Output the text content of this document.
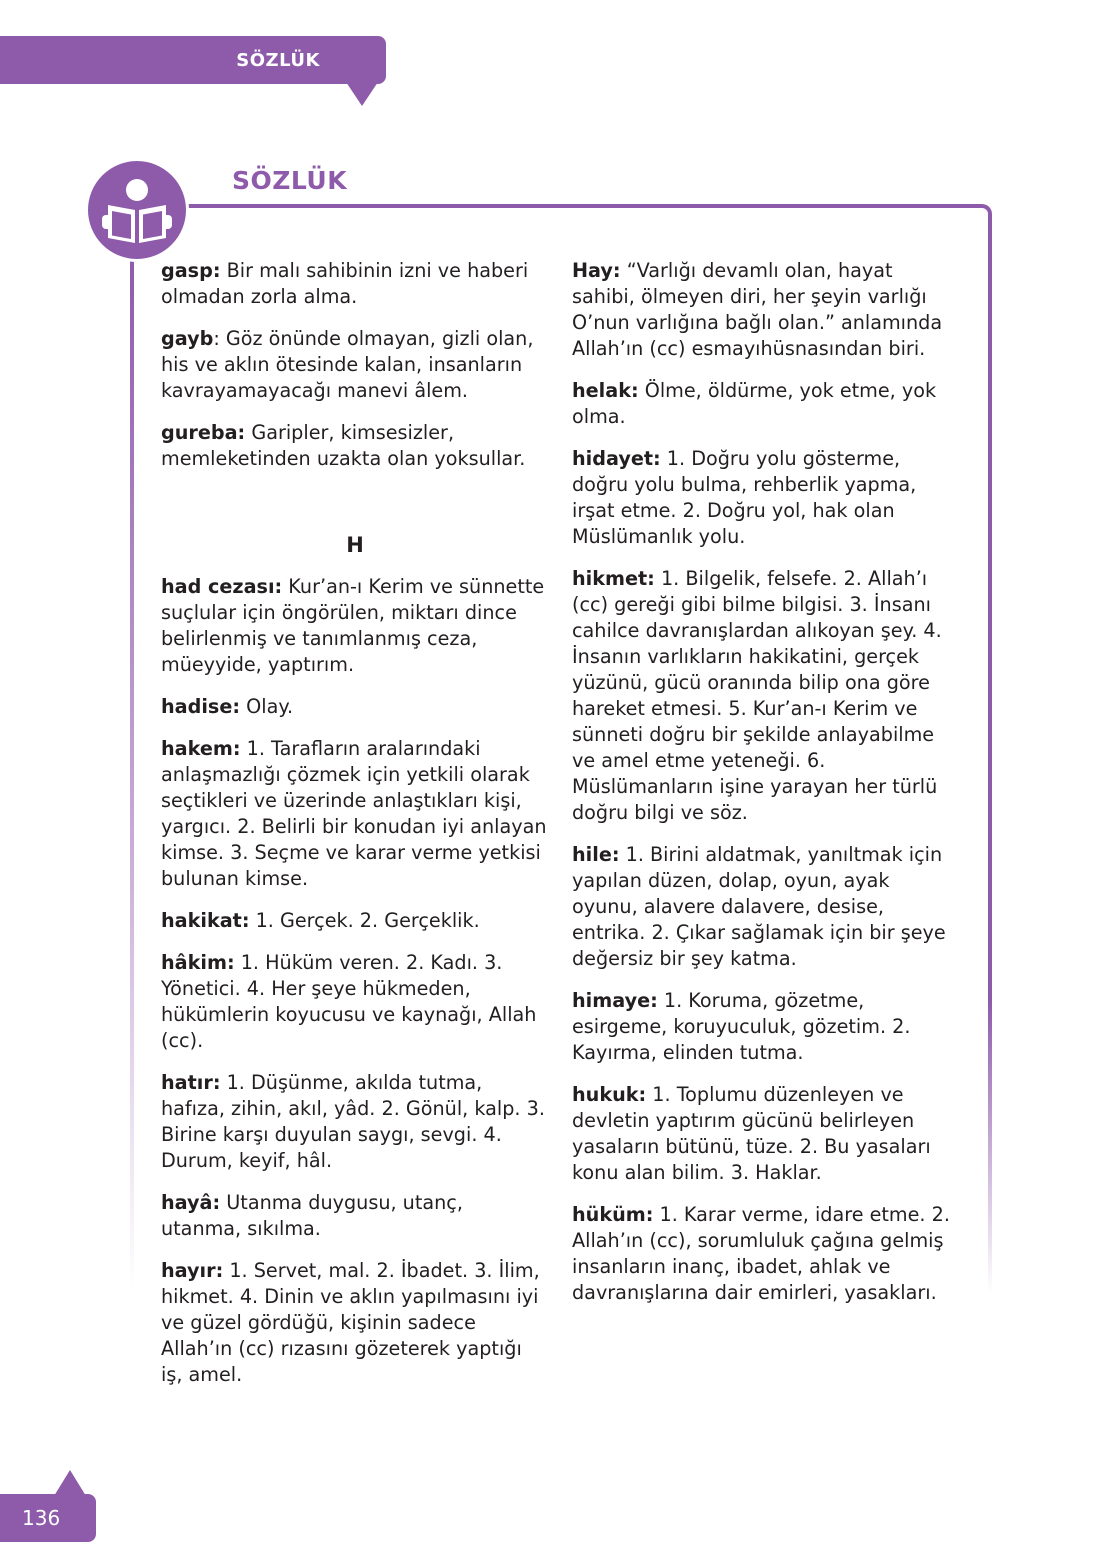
SÖZLÜK
SÖZLÜK

gasp: Bir malı sahibinin izni ve haberi olmadan zorla alma.

gayb: Göz önünde olmayan, gizli olan, his ve aklın ötesinde kalan, insanların kavrayamayacağı manevi âlem.

gureba: Garipler, kimsesizler, memleketinden uzakta olan yoksullar.

H

had cezası: Kur’an-ı Kerim ve sünnette suçlular için öngörülen, miktarı dince belirlenmiş ve tanımlanmış ceza, müeyyide, yaptırım.

hadise: Olay.

hakem: 1. Tarafların aralarındaki anlaşmazlığı çözmek için yetkili olarak seçtikleri ve üzerinde anlaştıkları kişi, yargıcı. 2. Belirli bir konudan iyi anlayan kimse. 3. Seçme ve karar verme yetkisi bulunan kimse.

hakikat: 1. Gerçek. 2. Gerçeklik.

hâkim: 1. Hüküm veren. 2. Kadı. 3. Yönetici. 4. Her şeye hükmeden, hükümlerin koyucusu ve kaynağı, Allah (cc).

hatır: 1. Düşünme, akılda tutma, hafıza, zihin, akıl, yâd. 2. Gönül, kalp. 3. Birine karşı duyulan saygı, sevgi. 4. Durum, keyif, hâl.

hayâ: Utanma duygusu, utanç, utanma, sıkılma.

hayır: 1. Servet, mal. 2. İbadet. 3. İlim, hikmet. 4. Dinin ve aklın yapılmasını iyi ve güzel gördüğü, kişinin sadece Allah’ın (cc) rızasını gözeterek yaptığı iş, amel.

Hay: “Varlığı devamlı olan, hayat sahibi, ölmeyen diri, her şeyin varlığı O’nun varlığına bağlı olan.” anlamında Allah’ın (cc) esmayıhüsnasından biri.

helak: Ölme, öldürme, yok etme, yok olma.

hidayet: 1. Doğru yolu gösterme, doğru yolu bulma, rehberlik yapma, irşat etme. 2. Doğru yol, hak olan Müslümanlık yolu.

hikmet: 1. Bilgelik, felsefe. 2. Allah’ı (cc) gereği gibi bilme bilgisi. 3. İnsanı cahilce davranışlardan alıkoyan şey. 4. İnsanın varlıkların hakikatini, gerçek yüzünü, gücü oranında bilip ona göre hareket etmesi. 5. Kur’an-ı Kerim ve sünneti doğru bir şekilde anlayabilme ve amel etme yeteneği. 6. Müslümanların işine yarayan her türlü doğru bilgi ve söz.

hile: 1. Birini aldatmak, yanıltmak için yapılan düzen, dolap, oyun, ayak oyunu, alavere dalavere, desise, entrika. 2. Çıkar sağlamak için bir şeye değersiz bir şey katma.

himaye: 1. Koruma, gözetme, esirgeme, koruyuculuk, gözetim. 2. Kayırma, elinden tutma.

hukuk: 1. Toplumu düzenleyen ve devletin yaptırım gücünü belirleyen yasaların bütünü, tüze. 2. Bu yasaları konu alan bilim. 3. Haklar.

hüküm: 1. Karar verme, idare etme. 2. Allah’ın (cc), sorumluluk çağına gelmiş insanların inanç, ibadet, ahlak ve davranışlarına dair emirleri, yasakları.

136
